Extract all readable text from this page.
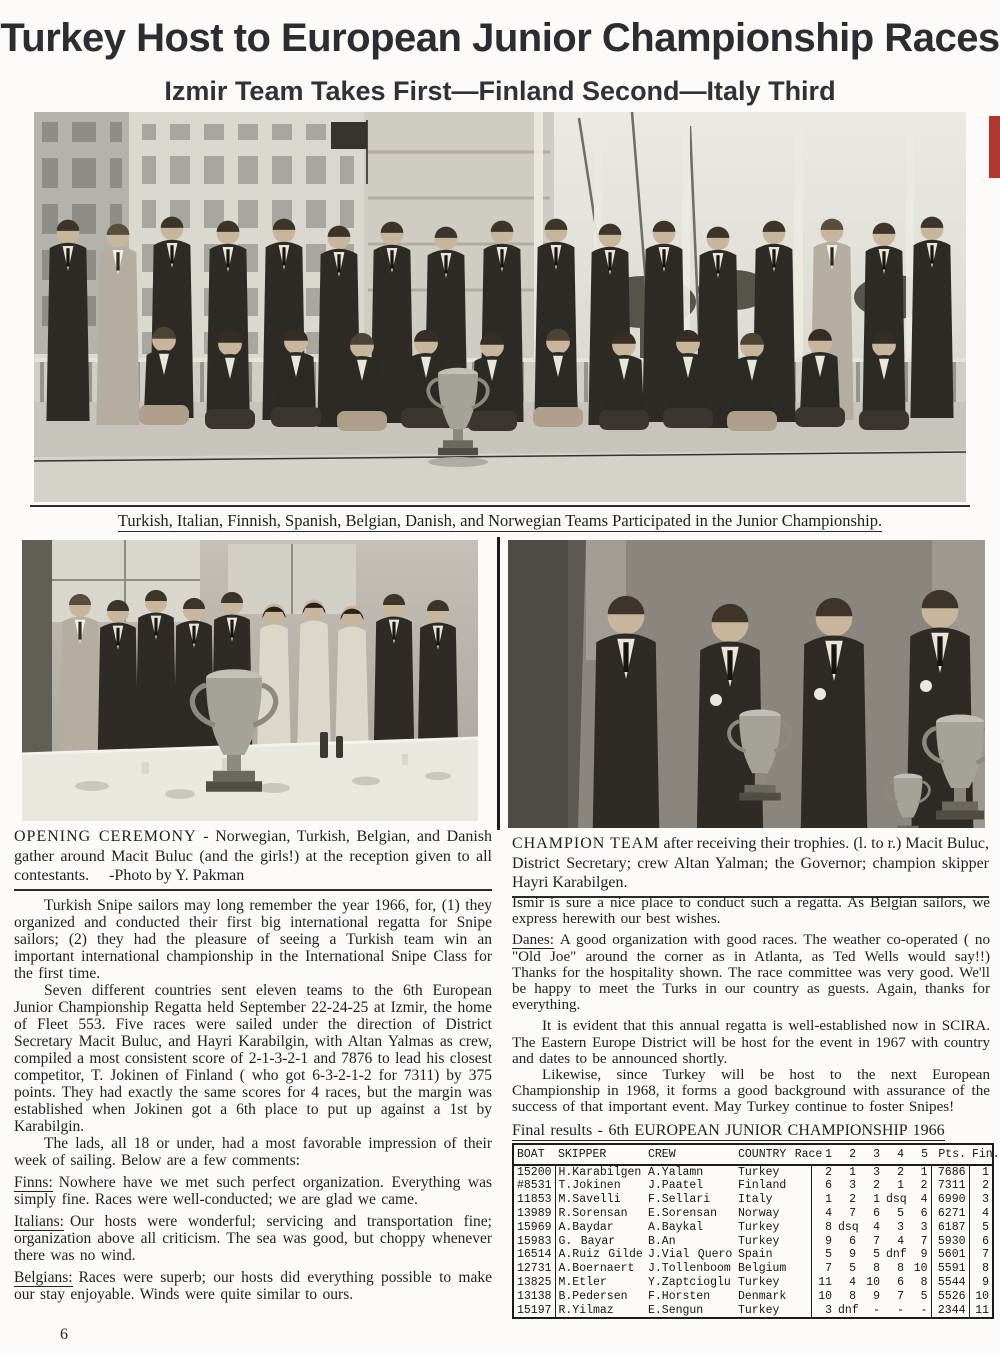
Turkey Host to European Junior Championship Races
Izmir Team Takes First—Finland Second—Italy Third
Turkish, Italian, Finnish, Spanish, Belgian, Danish, and Norwegian Teams Participated in the Junior Championship.
OPENING CEREMONY - Norwegian, Turkish, Belgian, and Danish gather around Macit Buluc (and the girls!) at the reception given to all contestants. -Photo by Y. Pakman
CHAMPION TEAM after receiving their trophies. (l. to r.) Macit Buluc, District Secretary; crew Altan Yalman; the Governor; champion skipper Hayri Karabilgen.

Turkish Snipe sailors may long remember the year 1966, for, (1) they organized and conducted their first big international regatta for Snipe sailors; (2) they had the pleasure of seeing a Turkish team win an important international championship in the International Snipe Class for the first time.

Seven different countries sent eleven teams to the 6th European Junior Championship Regatta held September 22-24-25 at Izmir, the home of Fleet 553. Five races were sailed under the direction of District Secretary Macit Buluc, and Hayri Karabilgin, with Altan Yalmas as crew, compiled a most consistent score of 2-1-3-2-1 and 7876 to lead his closest competitor, T. Jokinen of Finland ( who got 6-3-2-1-2 for 7311) by 375 points. They had exactly the same scores for 4 races, but the margin was established when Jokinen got a 6th place to put up against a 1st by Karabilgin.

The lads, all 18 or under, had a most favorable impression of their week of sailing. Below are a few comments:

Finns: Nowhere have we met such perfect organization. Everything was simply fine. Races were well-conducted; we are glad we came.

Italians: Our hosts were wonderful; servicing and transportation fine; organization above all criticism. The sea was good, but choppy whenever there was no wind.

Belgians: Races were superb; our hosts did everything possible to make our stay enjoyable. Winds were quite similar to ours.

Ismir is sure a nice place to conduct such a regatta. As Belgian sailors, we express herewith our best wishes.

Danes: A good organization with good races. The weather co-operated ( no "Old Joe" around the corner as in Atlanta, as Ted Wells would say!!) Thanks for the hospitality shown. The race committee was very good. We'll be happy to meet the Turks in our country as guests. Again, thanks for everything.

It is evident that this annual regatta is well-established now in SCIRA. The Eastern Europe District will be host for the event in 1967 with country and dates to be announced shortly.

Likewise, since Turkey will be host to the next European Championship in 1968, it forms a good background with assurance of the success of that important event. May Turkey continue to foster Snipes!

Final results - 6th EUROPEAN JUNIOR CHAMPIONSHIP 1966
BOAT	SKIPPER	CREW	COUNTRY Race	1	2	3	4	5	Pts.	Fin.
15200	H.Karabilgen	A.Yalamn	Turkey	2	1	3	2	1	7686	1
#8531	T.Jokinen	J.Paatel	Finland	6	3	2	1	2	7311	2
11853	M.Savelli	F.Sellari	Italy	1	2	1	dsq	4	6990	3
13989	R.Sorensan	E.Sorensan	Norway	4	7	6	5	6	6271	4
15969	A.Baydar	A.Baykal	Turkey	8	dsq	4	3	3	6187	5
15983	G. Bayar	B.An	Turkey	9	6	7	4	7	5930	6
16514	A.Ruiz Gilde	J.Vial Quero	Spain	5	9	5	dnf	9	5601	7
12731	A.Boernaert	J.Tollenboom	Belgium	7	5	8	8	10	5591	8
13825	M.Etler	Y.Zaptcioglu	Turkey	11	4	10	6	8	5544	9
13138	B.Pedersen	F.Horsten	Denmark	10	8	9	7	5	5526	10
15197	R.Yilmaz	E.Sengun	Turkey	3	dnf	-	-	-	2344	11
6
